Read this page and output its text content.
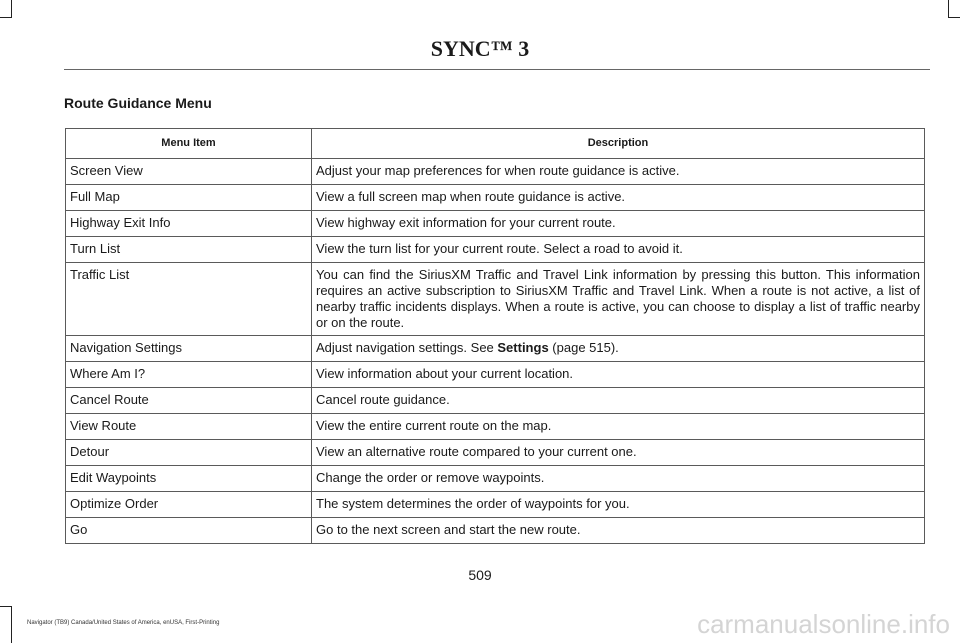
SYNC™ 3
Route Guidance Menu
Menu Item	Description
Screen View	Adjust your map preferences for when route guidance is active.
Full Map	View a full screen map when route guidance is active.
Highway Exit Info	View highway exit information for your current route.
Turn List	View the turn list for your current route. Select a road to avoid it.
Traffic List	You can find the SiriusXM Traffic and Travel Link information by pressing this button. This information requires an active subscription to SiriusXM Traffic and Travel Link. When a route is not active, a list of nearby traffic incidents displays. When a route is active, you can choose to display a list of traffic nearby or on the route.
Navigation Settings	Adjust navigation settings. See Settings (page 515).
Where Am I?	View information about your current location.
Cancel Route	Cancel route guidance.
View Route	View the entire current route on the map.
Detour	View an alternative route compared to your current one.
Edit Waypoints	Change the order or remove waypoints.
Optimize Order	The system determines the order of waypoints for you.
Go	Go to the next screen and start the new route.
509
Navigator (TB9) Canada/United States of America, enUSA, First-Printing	carmanualsonline.info
